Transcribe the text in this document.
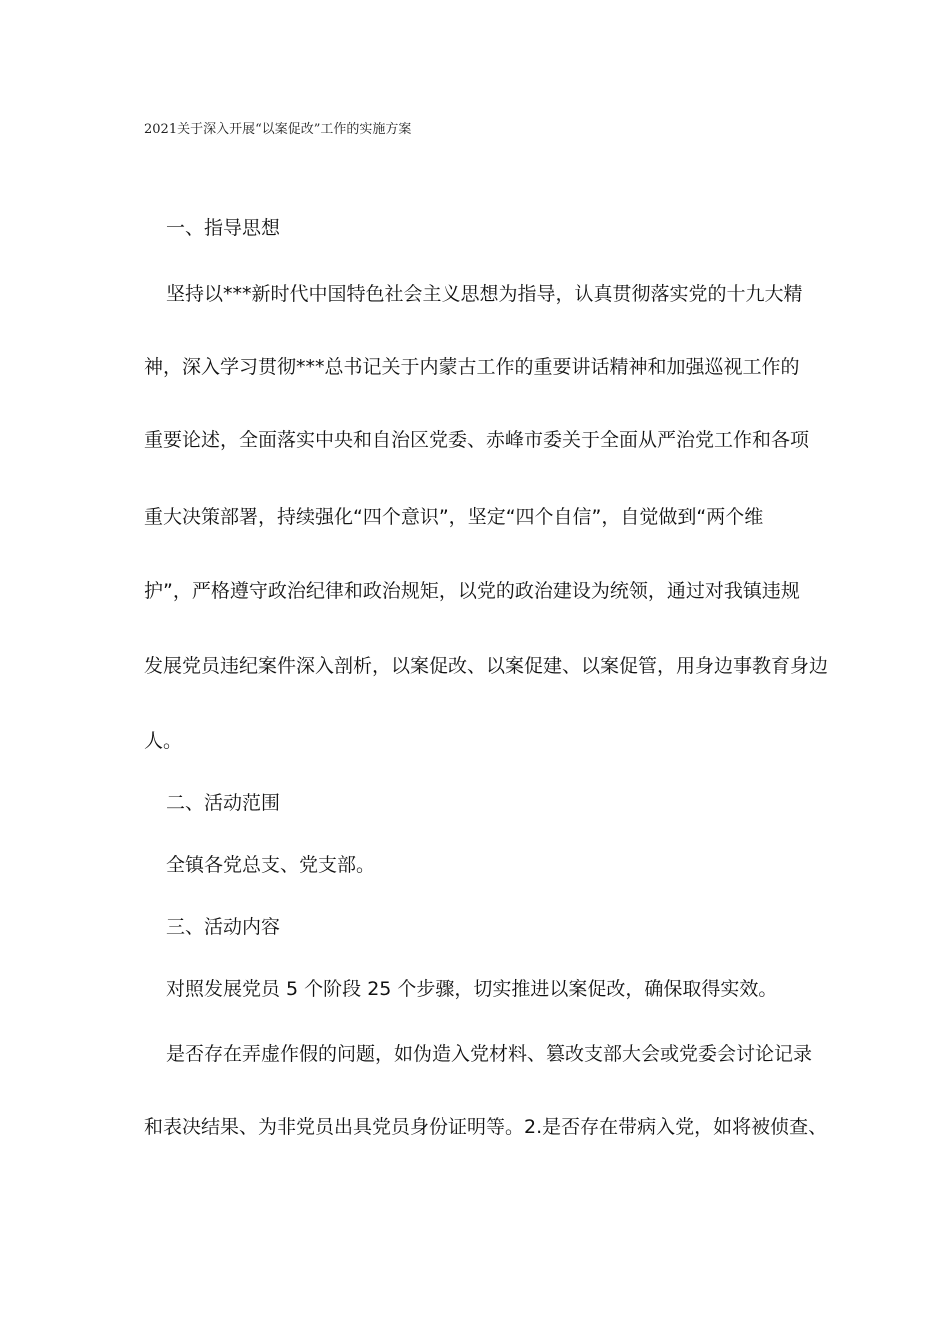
2021关于深入开展“以案促改”工作的实施方案
一、指导思想
坚持以***新时代中国特色社会主义思想为指导，认真贯彻落实党的十九大精
神，深入学习贯彻***总书记关于内蒙古工作的重要讲话精神和加强巡视工作的
重要论述，全面落实中央和自治区党委、赤峰市委关于全面从严治党工作和各项
重大决策部署，持续强化“四个意识”，坚定“四个自信”，自觉做到“两个维
护”，严格遵守政治纪律和政治规矩，以党的政治建设为统领，通过对我镇违规
发展党员违纪案件深入剖析，以案促改、以案促建、以案促管，用身边事教育身边
人。
二、活动范围
全镇各党总支、党支部。
三、活动内容
对照发展党员 5 个阶段 25 个步骤，切实推进以案促改，确保取得实效。
是否存在弄虚作假的问题，如伪造入党材料、篡改支部大会或党委会讨论记录
和表决结果、为非党员出具党员身份证明等。2.是否存在带病入党，如将被侦查、
